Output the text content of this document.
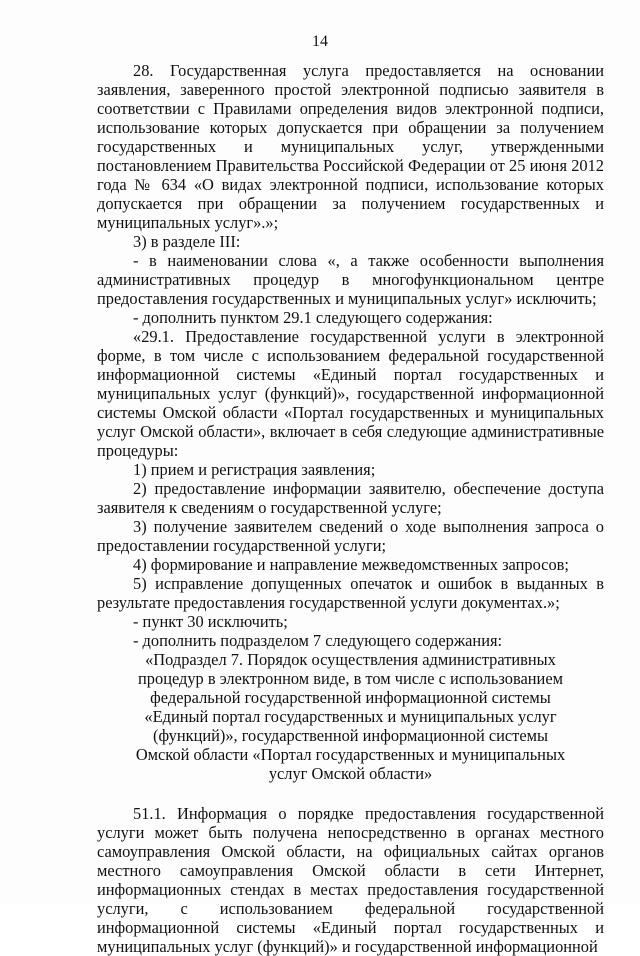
14

28. Государственная услуга предоставляется на основании заявления, заверенного простой электронной подписью заявителя в соответствии с Правилами определения видов электронной подписи, использование которых допускается при обращении за получением государственных и муниципальных услуг, утвержденными постановлением Правительства Российской Федерации от 25 июня 2012 года № 634 «О видах электронной подписи, использование которых допускается при обращении за получением государственных и муниципальных услуг».»;

3) в разделе III:

- в наименовании слова «, а также особенности выполнения административных процедур в многофункциональном центре предоставления государственных и муниципальных услуг» исключить;

- дополнить пунктом 29.1 следующего содержания:

«29.1. Предоставление государственной услуги в электронной форме, в том числе с использованием федеральной государственной информационной системы «Единый портал государственных и муниципальных услуг (функций)», государственной информационной системы Омской области «Портал государственных и муниципальных услуг Омской области», включает в себя следующие административные процедуры:

1) прием и регистрация заявления;

2) предоставление информации заявителю, обеспечение доступа заявителя к сведениям о государственной услуге;

3) получение заявителем сведений о ходе выполнения запроса о предоставлении государственной услуги;

4) формирование и направление межведомственных запросов;

5) исправление допущенных опечаток и ошибок в выданных в результате предоставления государственной услуги документах.»;

- пункт 30 исключить;

- дополнить подразделом 7 следующего содержания:

«Подраздел 7. Порядок осуществления административных процедур в электронном виде, в том числе с использованием федеральной государственной информационной системы «Единый портал государственных и муниципальных услуг (функций)», государственной информационной системы Омской области «Портал государственных и муниципальных услуг Омской области»

51.1. Информация о порядке предоставления государственной услуги может быть получена непосредственно в органах местного самоуправления Омской области, на официальных сайтах органов местного самоуправления Омской области в сети Интернет, информационных стендах в местах предоставления государственной услуги, с использованием федеральной государственной информационной системы «Единый портал государственных и муниципальных услуг (функций)» и государственной информационной
